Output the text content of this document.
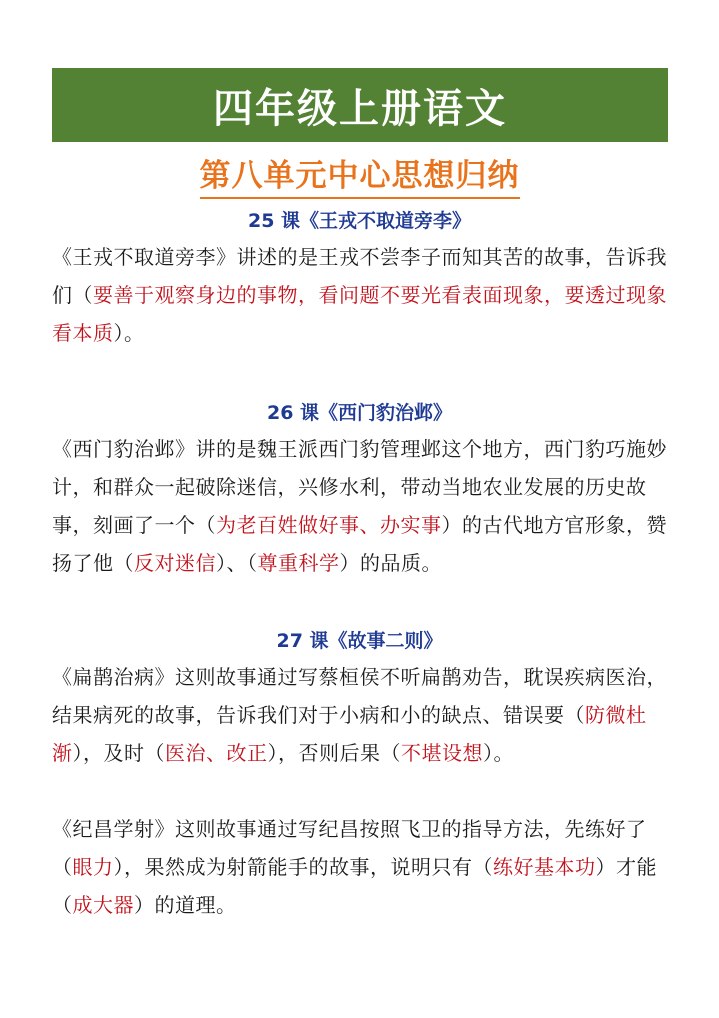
四年级上册语文
第八单元中心思想归纳
25 课《王戎不取道旁李》

《王戎不取道旁李》讲述的是王戎不尝李子而知其苦的故事，告诉我们（要善于观察身边的事物，看问题不要光看表面现象，要透过现象看本质）。

26 课《西门豹治邺》

《西门豹治邺》讲的是魏王派西门豹管理邺这个地方，西门豹巧施妙计，和群众一起破除迷信，兴修水利，带动当地农业发展的历史故事，刻画了一个（为老百姓做好事、办实事）的古代地方官形象，赞扬了他（反对迷信）、（尊重科学）的品质。

27 课《故事二则》

《扁鹊治病》这则故事通过写蔡桓侯不听扁鹊劝告，耽误疾病医治，结果病死的故事，告诉我们对于小病和小的缺点、错误要（防微杜渐），及时（医治、改正），否则后果（不堪设想）。

《纪昌学射》这则故事通过写纪昌按照飞卫的指导方法，先练好了（眼力），果然成为射箭能手的故事，说明只有（练好基本功）才能（成大器）的道理。
